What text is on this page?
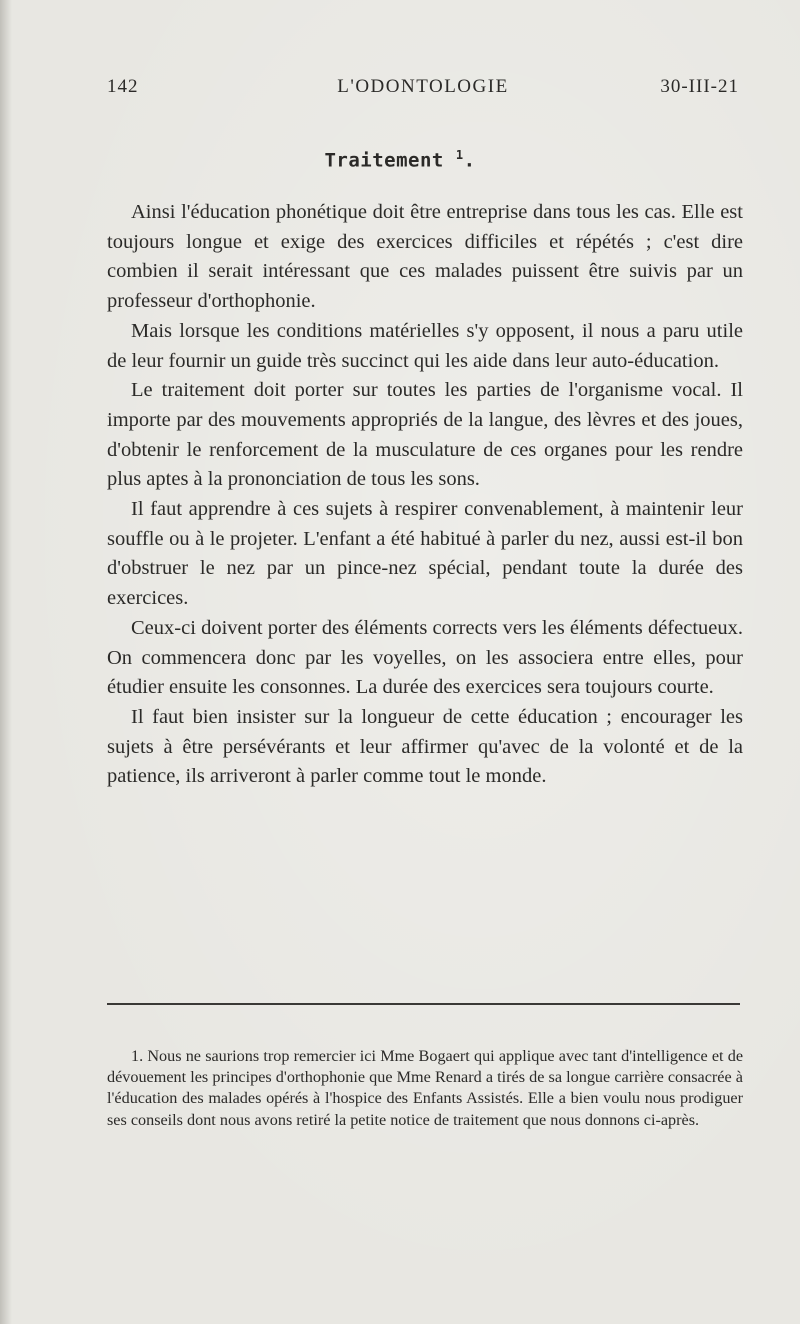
142	L'ODONTOLOGIE	30-III-21
Traitement $^1$.

Ainsi l'éducation phonétique doit être entreprise dans tous les cas. Elle est toujours longue et exige des exercices difficiles et répétés ; c'est dire combien il serait intéressant que ces malades puissent être suivis par un professeur d'orthophonie.

Mais lorsque les conditions matérielles s'y opposent, il nous a paru utile de leur fournir un guide très succinct qui les aide dans leur auto-éducation.

Le traitement doit porter sur toutes les parties de l'organisme vocal. Il importe par des mouvements appropriés de la langue, des lèvres et des joues, d'obtenir le renforcement de la musculature de ces organes pour les rendre plus aptes à la prononciation de tous les sons.

Il faut apprendre à ces sujets à respirer convenablement, à maintenir leur souffle ou à le projeter. L'enfant a été habitué à parler du nez, aussi est-il bon d'obstruer le nez par un pince-nez spécial, pendant toute la durée des exercices.

Ceux-ci doivent porter des éléments corrects vers les éléments défectueux. On commencera donc par les voyelles, on les associera entre elles, pour étudier ensuite les consonnes. La durée des exercices sera toujours courte.

Il faut bien insister sur la longueur de cette éducation ; encourager les sujets à être persévérants et leur affirmer qu'avec de la volonté et de la patience, ils arriveront à parler comme tout le monde.

1. Nous ne saurions trop remercier ici Mme Bogaert qui applique avec tant d'intelligence et de dévouement les principes d'orthophonie que Mme Renard a tirés de sa longue carrière consacrée à l'éducation des malades opérés à l'hospice des Enfants Assistés. Elle a bien voulu nous prodiguer ses conseils dont nous avons retiré la petite notice de traitement que nous donnons ci-après.
